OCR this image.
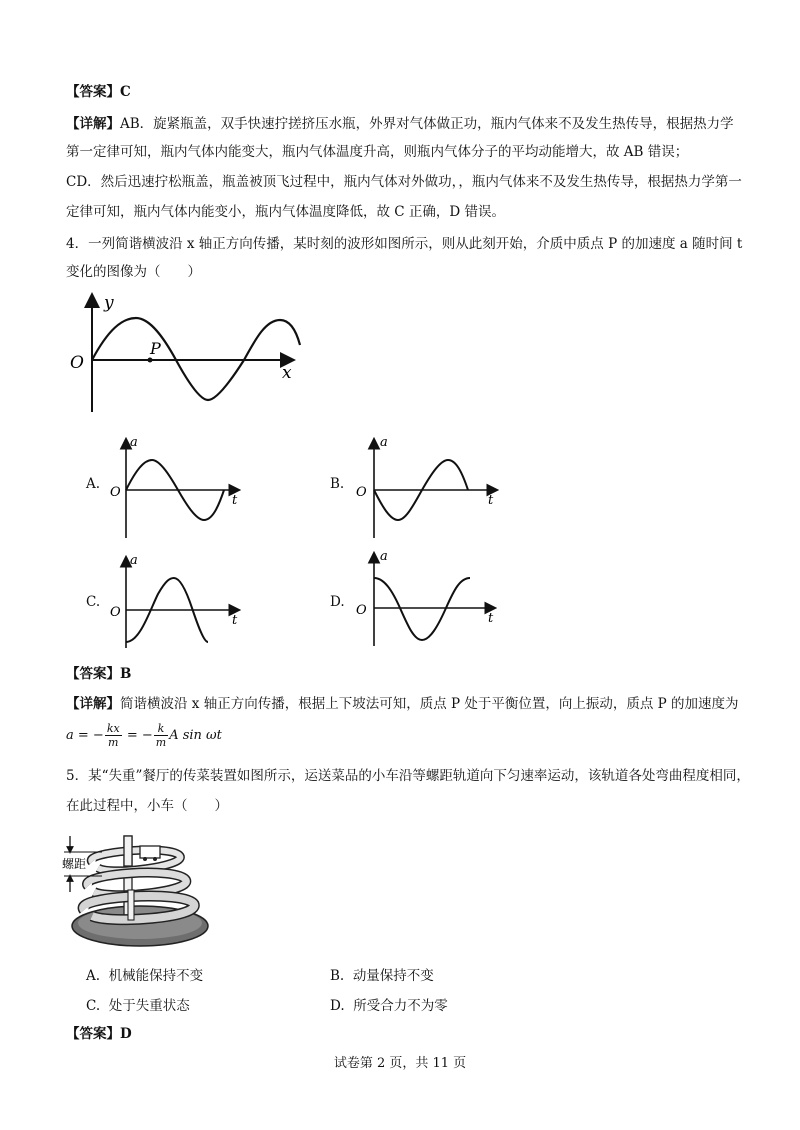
【答案】C
【详解】AB．旋紧瓶盖，双手快速拧搓挤压水瓶，外界对气体做正功，瓶内气体来不及发生热传导，根据热力学
第一定律可知，瓶内气体内能变大，瓶内气体温度升高，则瓶内气体分子的平均动能增大，故 AB 错误；
CD．然后迅速拧松瓶盖，瓶盖被顶飞过程中，瓶内气体对外做功，，瓶内气体来不及发生热传导，根据热力学第一
定律可知，瓶内气体内能变小，瓶内气体温度降低，故 C 正确，D 错误。
4．一列简谐横波沿 x 轴正方向传播，某时刻的波形如图所示，则从此刻开始，介质中质点 P 的加速度 a 随时间 t
变化的图像为（　　）
y
O	x
P
A.
a
O
t
B.
a
O
t
C.
a
O
t
D.
a
O
t
【答案】B
【详解】简谐横波沿 x 轴正方向传播，根据上下坡法可知，质点 P 处于平衡位置，向上振动，质点 P 的加速度为
a = − $\frac{kx}{m}$ = − $\frac{k}{m}$ A sin ωt
5．某“失重”餐厅的传菜装置如图所示，运送菜品的小车沿等螺距轨道向下匀速率运动，该轨道各处弯曲程度相同，
在此过程中，小车（　　）
螺距
A. 机械能保持不变	B. 动量保持不变
C. 处于失重状态	D. 所受合力不为零
【答案】D
试卷第 2 页，共 11 页
